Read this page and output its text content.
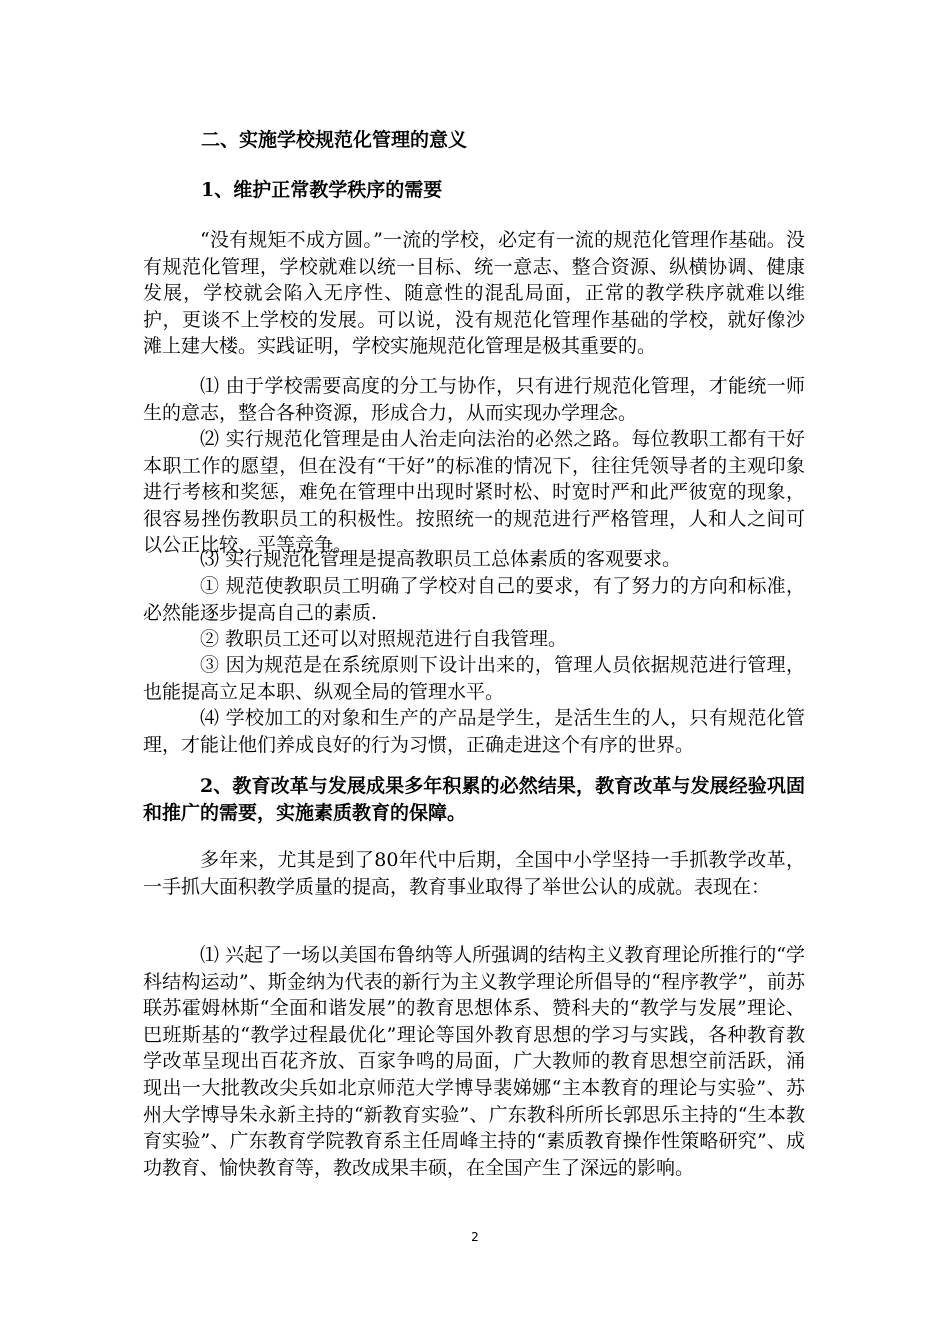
二、实施学校规范化管理的意义
1、维护正常教学秩序的需要
“没有规矩不成方圆。”一流的学校，必定有一流的规范化管理作基础。没有规范化管理，学校就难以统一目标、统一意志、整合资源、纵横协调、健康发展，学校就会陷入无序性、随意性的混乱局面，正常的教学秩序就难以维护，更谈不上学校的发展。可以说，没有规范化管理作基础的学校，就好像沙滩上建大楼。实践证明，学校实施规范化管理是极其重要的。
⑴ 由于学校需要高度的分工与协作，只有进行规范化管理，才能统一师生的意志，整合各种资源，形成合力，从而实现办学理念。
⑵ 实行规范化管理是由人治走向法治的必然之路。每位教职工都有干好本职工作的愿望，但在没有“干好”的标准的情况下，往往凭领导者的主观印象进行考核和奖惩，难免在管理中出现时紧时松、时宽时严和此严彼宽的现象，很容易挫伤教职员工的积极性。按照统一的规范进行严格管理，人和人之间可以公正比较、平等竞争。
⑶ 实行规范化管理是提高教职员工总体素质的客观要求。
① 规范使教职员工明确了学校对自己的要求，有了努力的方向和标准，必然能逐步提高自己的素质.
② 教职员工还可以对照规范进行自我管理。
③ 因为规范是在系统原则下设计出来的，管理人员依据规范进行管理，也能提高立足本职、纵观全局的管理水平。
⑷ 学校加工的对象和生产的产品是学生，是活生生的人，只有规范化管理，才能让他们养成良好的行为习惯，正确走进这个有序的世界。
2、教育改革与发展成果多年积累的必然结果，教育改革与发展经验巩固和推广的需要，实施素质教育的保障。
多年来，尤其是到了80年代中后期，全国中小学坚持一手抓教学改革，一手抓大面积教学质量的提高，教育事业取得了举世公认的成就。表现在：
⑴ 兴起了一场以美国布鲁纳等人所强调的结构主义教育理论所推行的“学科结构运动”、斯金纳为代表的新行为主义教学理论所倡导的“程序教学”，前苏联苏霍姆林斯“全面和谐发展”的教育思想体系、赞科夫的“教学与发展”理论、巴班斯基的“教学过程最优化”理论等国外教育思想的学习与实践，各种教育教学改革呈现出百花齐放、百家争鸣的局面，广大教师的教育思想空前活跃，涌现出一大批教改尖兵如北京师范大学博导裴娣娜“主本教育的理论与实验”、苏州大学博导朱永新主持的“新教育实验”、广东教科所所长郭思乐主持的“生本教育实验”、广东教育学院教育系主任周峰主持的“素质教育操作性策略研究”、成功教育、愉快教育等，教改成果丰硕，在全国产生了深远的影响。
2
